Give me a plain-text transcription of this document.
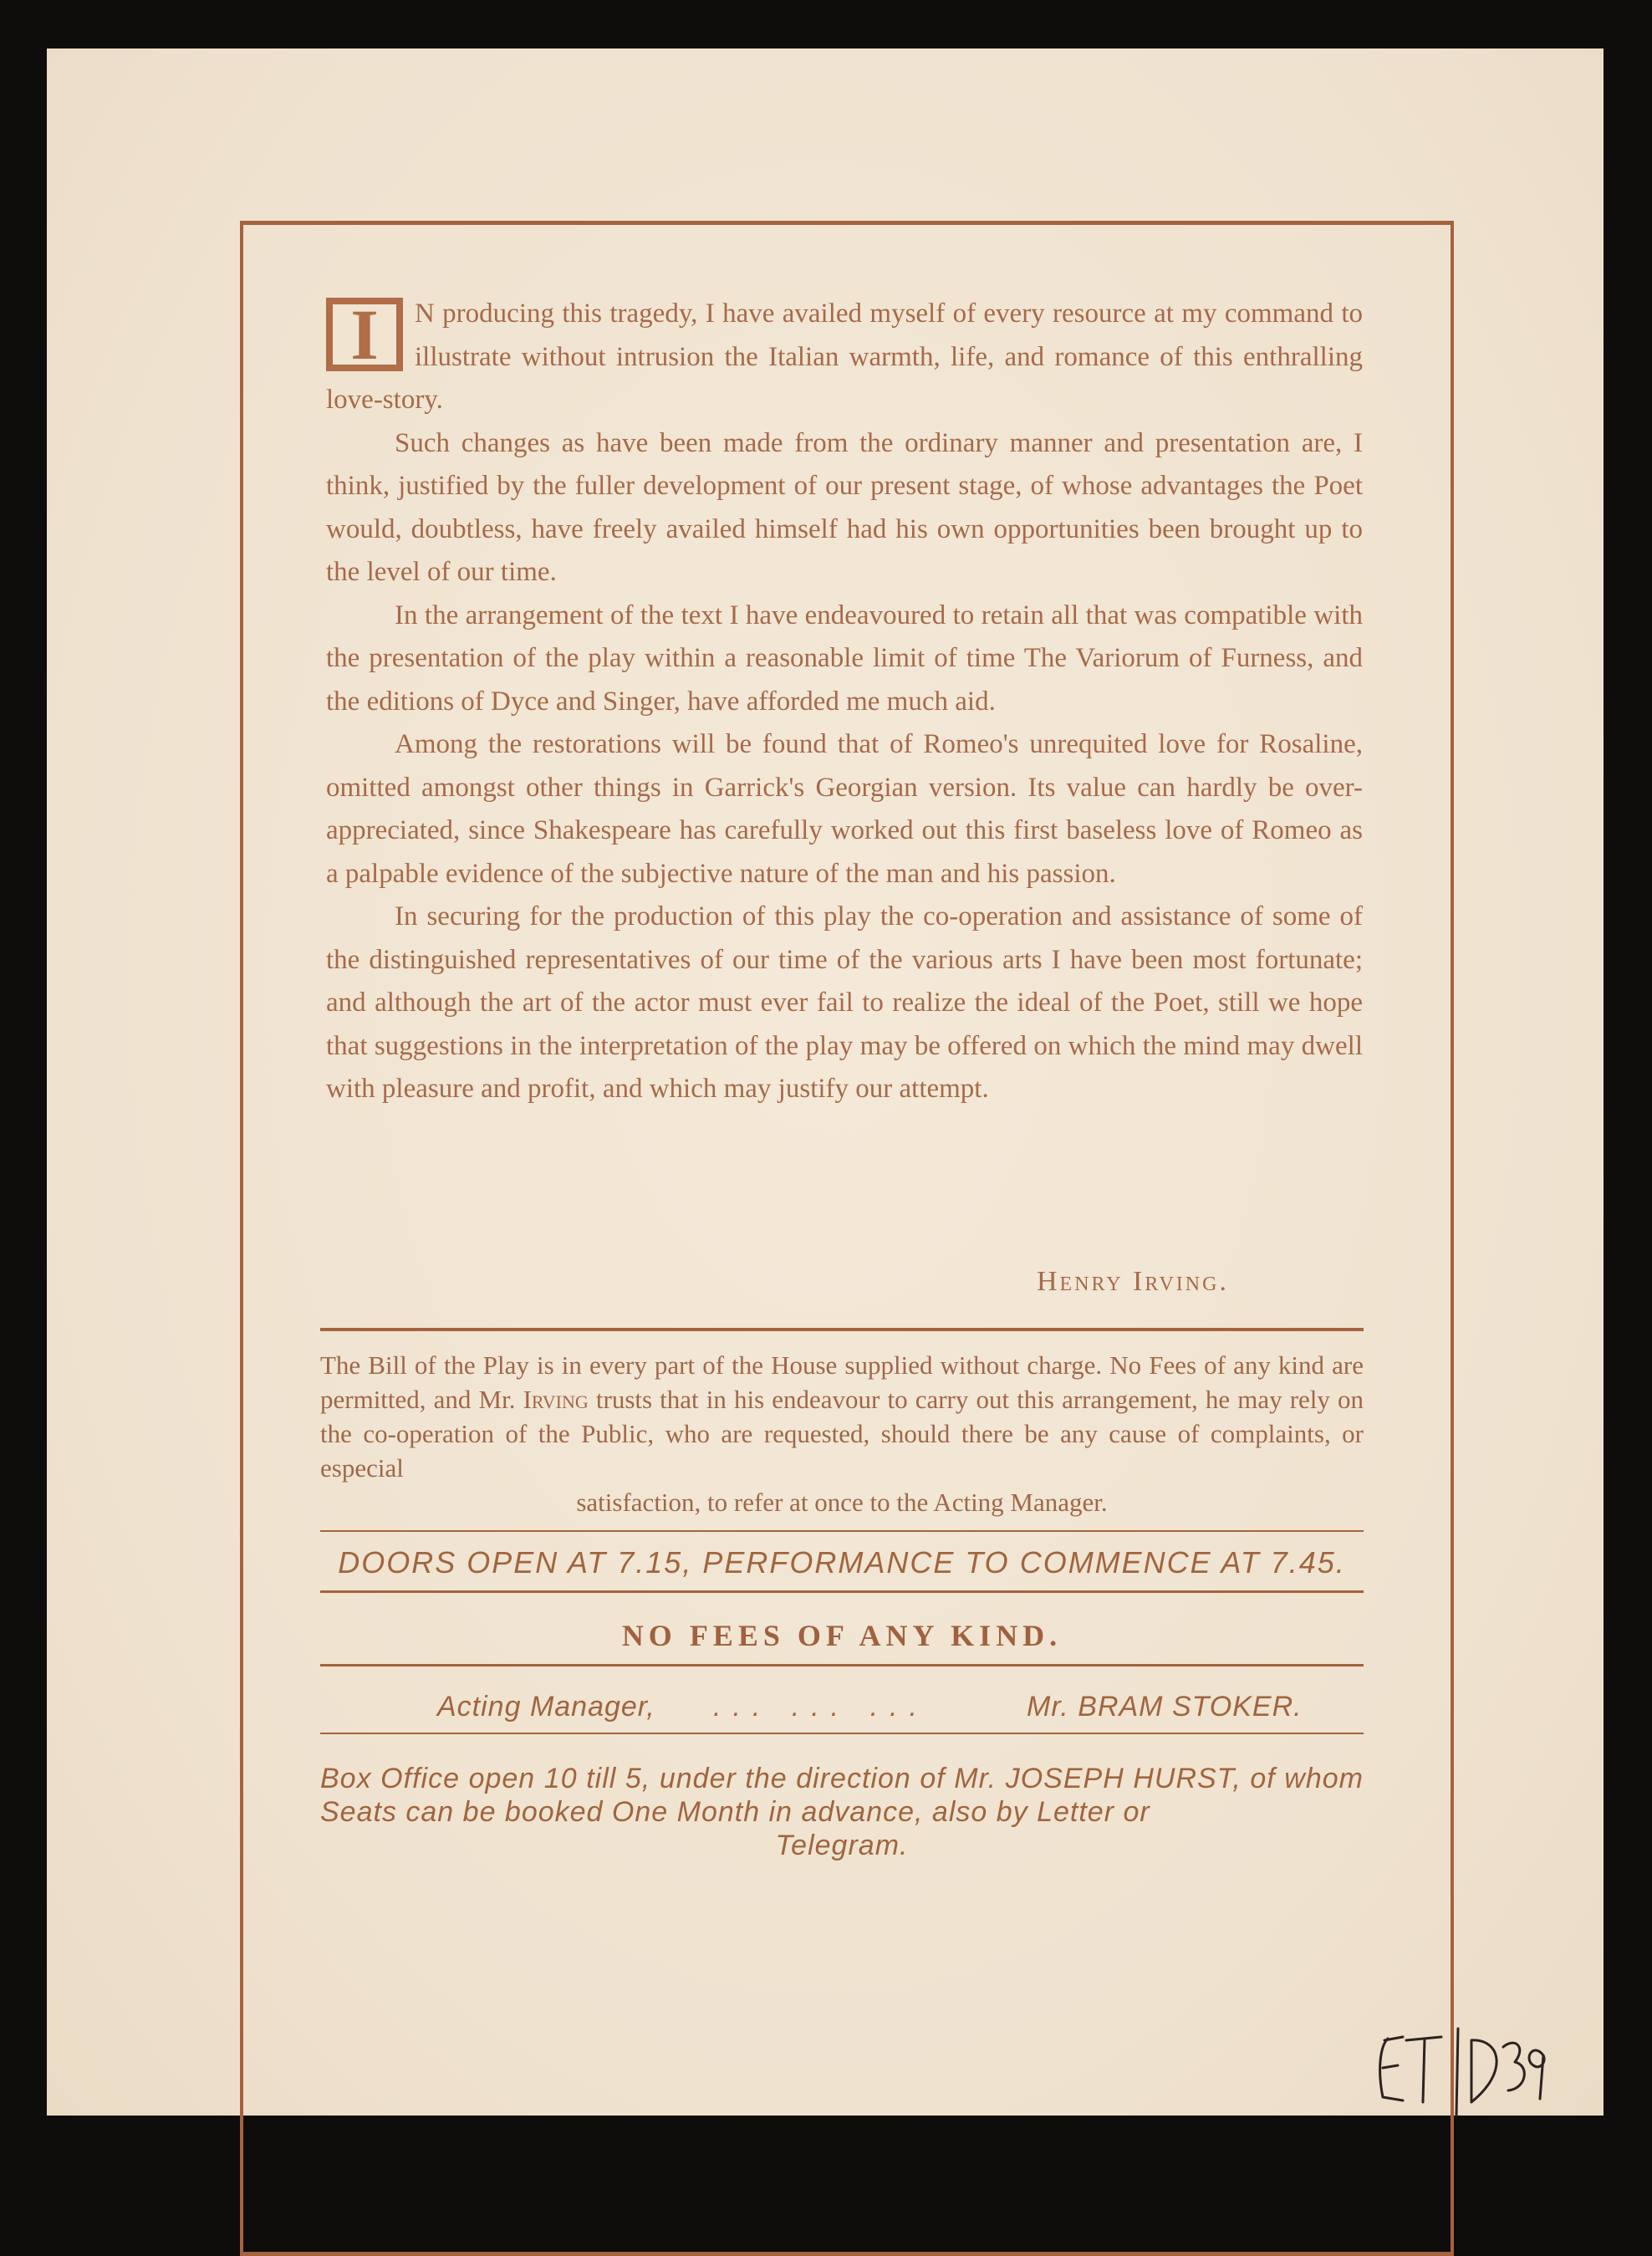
I N producing this tragedy, I have availed myself of every resource at my command to illustrate without intrusion the Italian warmth, life, and romance of this enthralling love-story.

Such changes as have been made from the ordinary manner and presentation are, I think, justified by the fuller development of our present stage, of whose advantages the Poet would, doubtless, have freely availed himself had his own opportunities been brought up to the level of our time.

In the arrangement of the text I have endeavoured to retain all that was compatible with the presentation of the play within a reasonable limit of time The Variorum of Furness, and the editions of Dyce and Singer, have afforded me much aid.

Among the restorations will be found that of Romeo's unrequited love for Rosaline, omitted amongst other things in Garrick's Georgian version. Its value can hardly be over-appreciated, since Shakespeare has carefully worked out this first baseless love of Romeo as a palpable evidence of the subjective nature of the man and his passion.

In securing for the production of this play the co-operation and assistance of some of the distinguished representatives of our time of the various arts I have been most fortunate; and although the art of the actor must ever fail to realize the ideal of the Poet, still we hope that suggestions in the interpretation of the play may be offered on which the mind may dwell with pleasure and profit, and which may justify our attempt.

Henry Irving.
The Bill of the Play is in every part of the House supplied without charge. No Fees of any kind are permitted, and Mr. Irving trusts that in his endeavour to carry out this arrangement, he may rely on the co-operation of the Public, who are requested, should there be any cause of complaints, or especial
satisfaction, to refer at once to the Acting Manager.
DOORS OPEN AT 7.15, PERFORMANCE TO COMMENCE AT 7.45.
NO FEES OF ANY KIND.
Acting Manager, ... ... ...	Mr. BRAM STOKER.
Box Office open 10 till 5, under the direction of Mr. JOSEPH HURST, of whom Seats can be booked One Month in advance, also by Letter or
Telegram.
